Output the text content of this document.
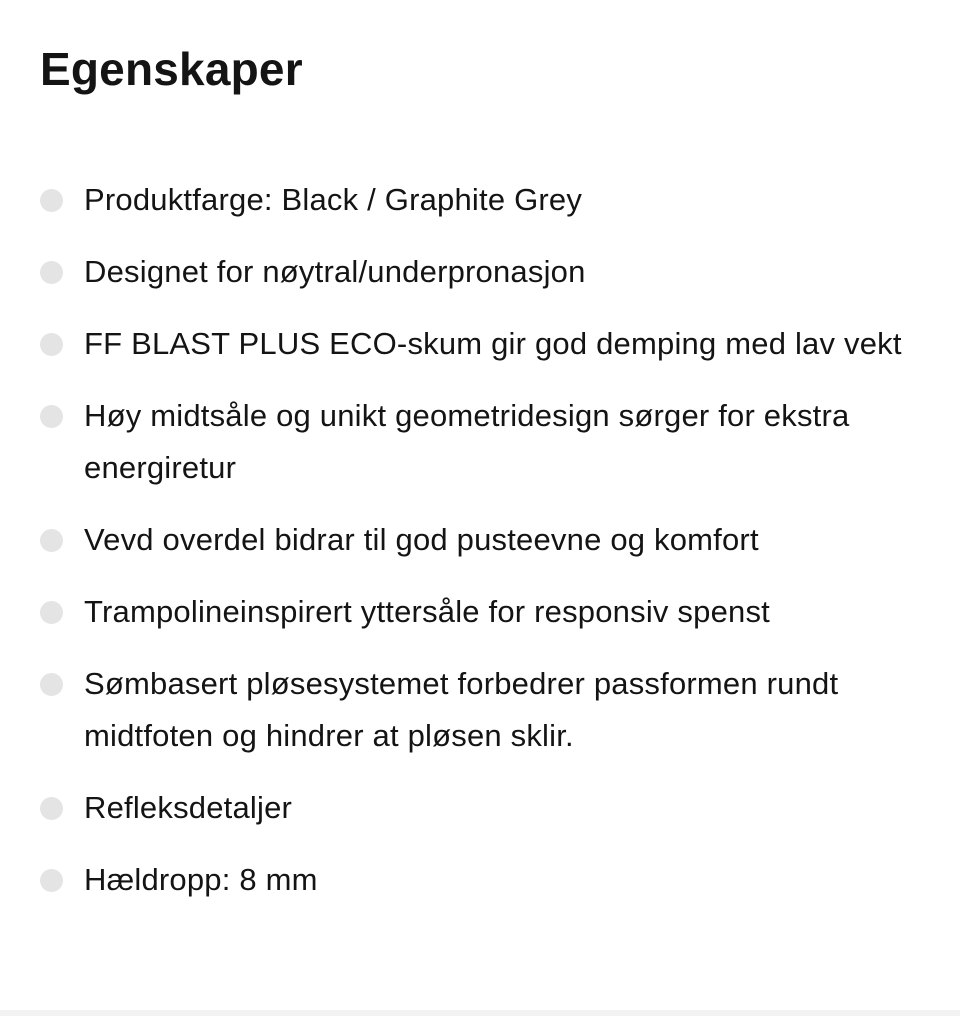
Egenskaper
Produktfarge: Black / Graphite Grey
Designet for nøytral/underpronasjon
FF BLAST PLUS ECO-skum gir god demping med lav vekt
Høy midtsåle og unikt geometridesign sørger for ekstra energiretur
Vevd overdel bidrar til god pusteevne og komfort
Trampolineinspirert yttersåle for responsiv spenst
Sømbasert pløsesystemet forbedrer passformen rundt midtfoten og hindrer at pløsen sklir.
Refleksdetaljer
Hældropp: 8 mm
